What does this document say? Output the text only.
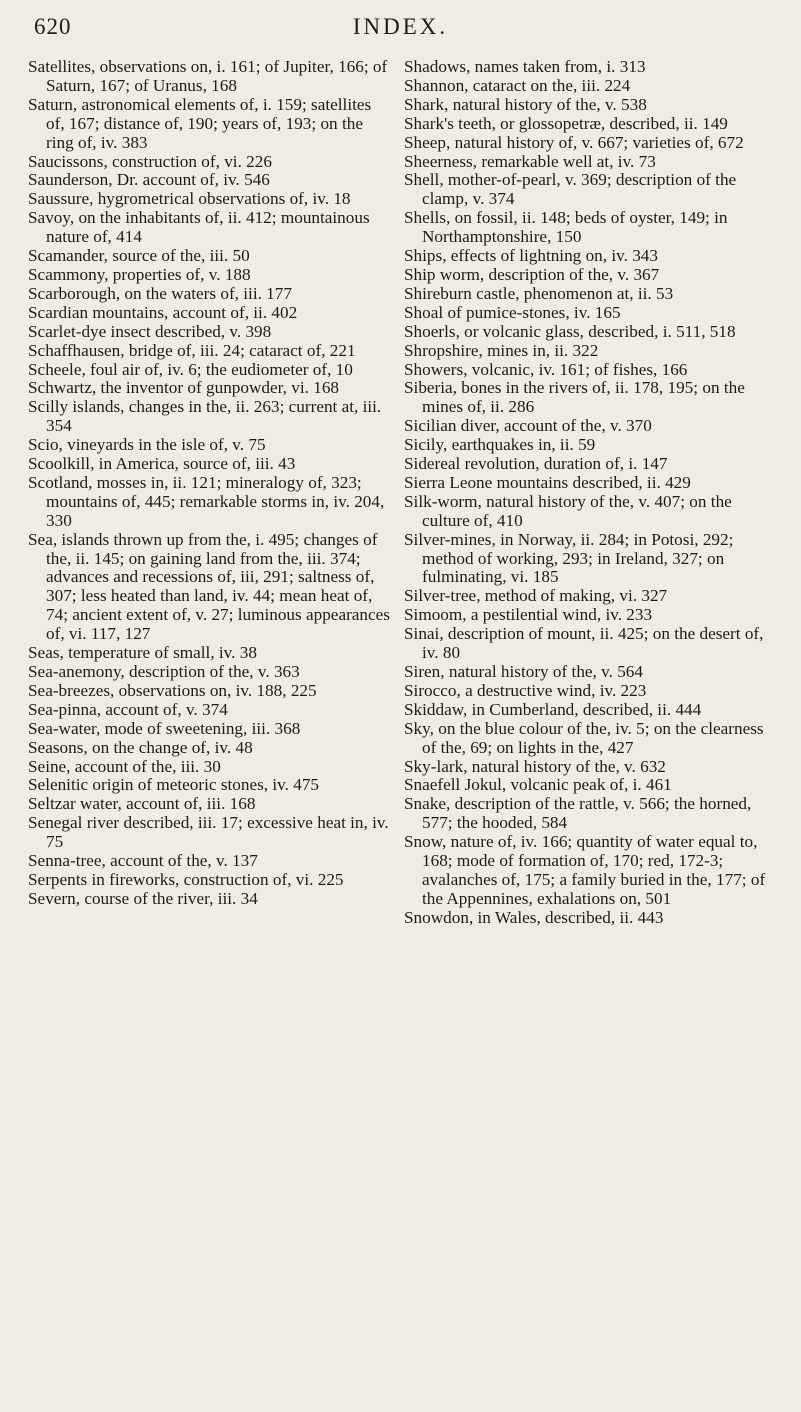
620	INDEX.

Satellites, observations on, i. 161; of Jupiter, 166; of Saturn, 167; of Uranus, 168

Saturn, astronomical elements of, i. 159; satellites of, 167; distance of, 190; years of, 193; on the ring of, iv. 383

Saucissons, construction of, vi. 226

Saunderson, Dr. account of, iv. 546

Saussure, hygrometrical observations of, iv. 18

Savoy, on the inhabitants of, ii. 412; mountainous nature of, 414

Scamander, source of the, iii. 50

Scammony, properties of, v. 188

Scarborough, on the waters of, iii. 177

Scardian mountains, account of, ii. 402

Scarlet-dye insect described, v. 398

Schaffhausen, bridge of, iii. 24; cataract of, 221

Scheele, foul air of, iv. 6; the eudiometer of, 10

Schwartz, the inventor of gunpowder, vi. 168

Scilly islands, changes in the, ii. 263; current at, iii. 354

Scio, vineyards in the isle of, v. 75

Scoolkill, in America, source of, iii. 43

Scotland, mosses in, ii. 121; mineralogy of, 323; mountains of, 445; remarkable storms in, iv. 204, 330

Sea, islands thrown up from the, i. 495; changes of the, ii. 145; on gaining land from the, iii. 374; advances and recessions of, iii, 291; saltness of, 307; less heated than land, iv. 44; mean heat of, 74; ancient extent of, v. 27; luminous appearances of, vi. 117, 127

Seas, temperature of small, iv. 38

Sea-anemony, description of the, v. 363

Sea-breezes, observations on, iv. 188, 225

Sea-pinna, account of, v. 374

Sea-water, mode of sweetening, iii. 368

Seasons, on the change of, iv. 48

Seine, account of the, iii. 30

Selenitic origin of meteoric stones, iv. 475

Seltzar water, account of, iii. 168

Senegal river described, iii. 17; excessive heat in, iv. 75

Senna-tree, account of the, v. 137

Serpents in fireworks, construction of, vi. 225

Severn, course of the river, iii. 34

Shadows, names taken from, i. 313

Shannon, cataract on the, iii. 224

Shark, natural history of the, v. 538

Shark's teeth, or glossopetræ, described, ii. 149

Sheep, natural history of, v. 667; varieties of, 672

Sheerness, remarkable well at, iv. 73

Shell, mother-of-pearl, v. 369; description of the clamp, v. 374

Shells, on fossil, ii. 148; beds of oyster, 149; in Northamptonshire, 150

Ships, effects of lightning on, iv. 343

Ship worm, description of the, v. 367

Shireburn castle, phenomenon at, ii. 53

Shoal of pumice-stones, iv. 165

Shoerls, or volcanic glass, described, i. 511, 518

Shropshire, mines in, ii. 322

Showers, volcanic, iv. 161; of fishes, 166

Siberia, bones in the rivers of, ii. 178, 195; on the mines of, ii. 286

Sicilian diver, account of the, v. 370

Sicily, earthquakes in, ii. 59

Sidereal revolution, duration of, i. 147

Sierra Leone mountains described, ii. 429

Silk-worm, natural history of the, v. 407; on the culture of, 410

Silver-mines, in Norway, ii. 284; in Potosi, 292; method of working, 293; in Ireland, 327; on fulminating, vi. 185

Silver-tree, method of making, vi. 327

Simoom, a pestilential wind, iv. 233

Sinai, description of mount, ii. 425; on the desert of, iv. 80

Siren, natural history of the, v. 564

Sirocco, a destructive wind, iv. 223

Skiddaw, in Cumberland, described, ii. 444

Sky, on the blue colour of the, iv. 5; on the clearness of the, 69; on lights in the, 427

Sky-lark, natural history of the, v. 632

Snaefell Jokul, volcanic peak of, i. 461

Snake, description of the rattle, v. 566; the horned, 577; the hooded, 584

Snow, nature of, iv. 166; quantity of water equal to, 168; mode of formation of, 170; red, 172-3; avalanches of, 175; a family buried in the, 177; of the Appennines, exhalations on, 501

Snowdon, in Wales, described, ii. 443
